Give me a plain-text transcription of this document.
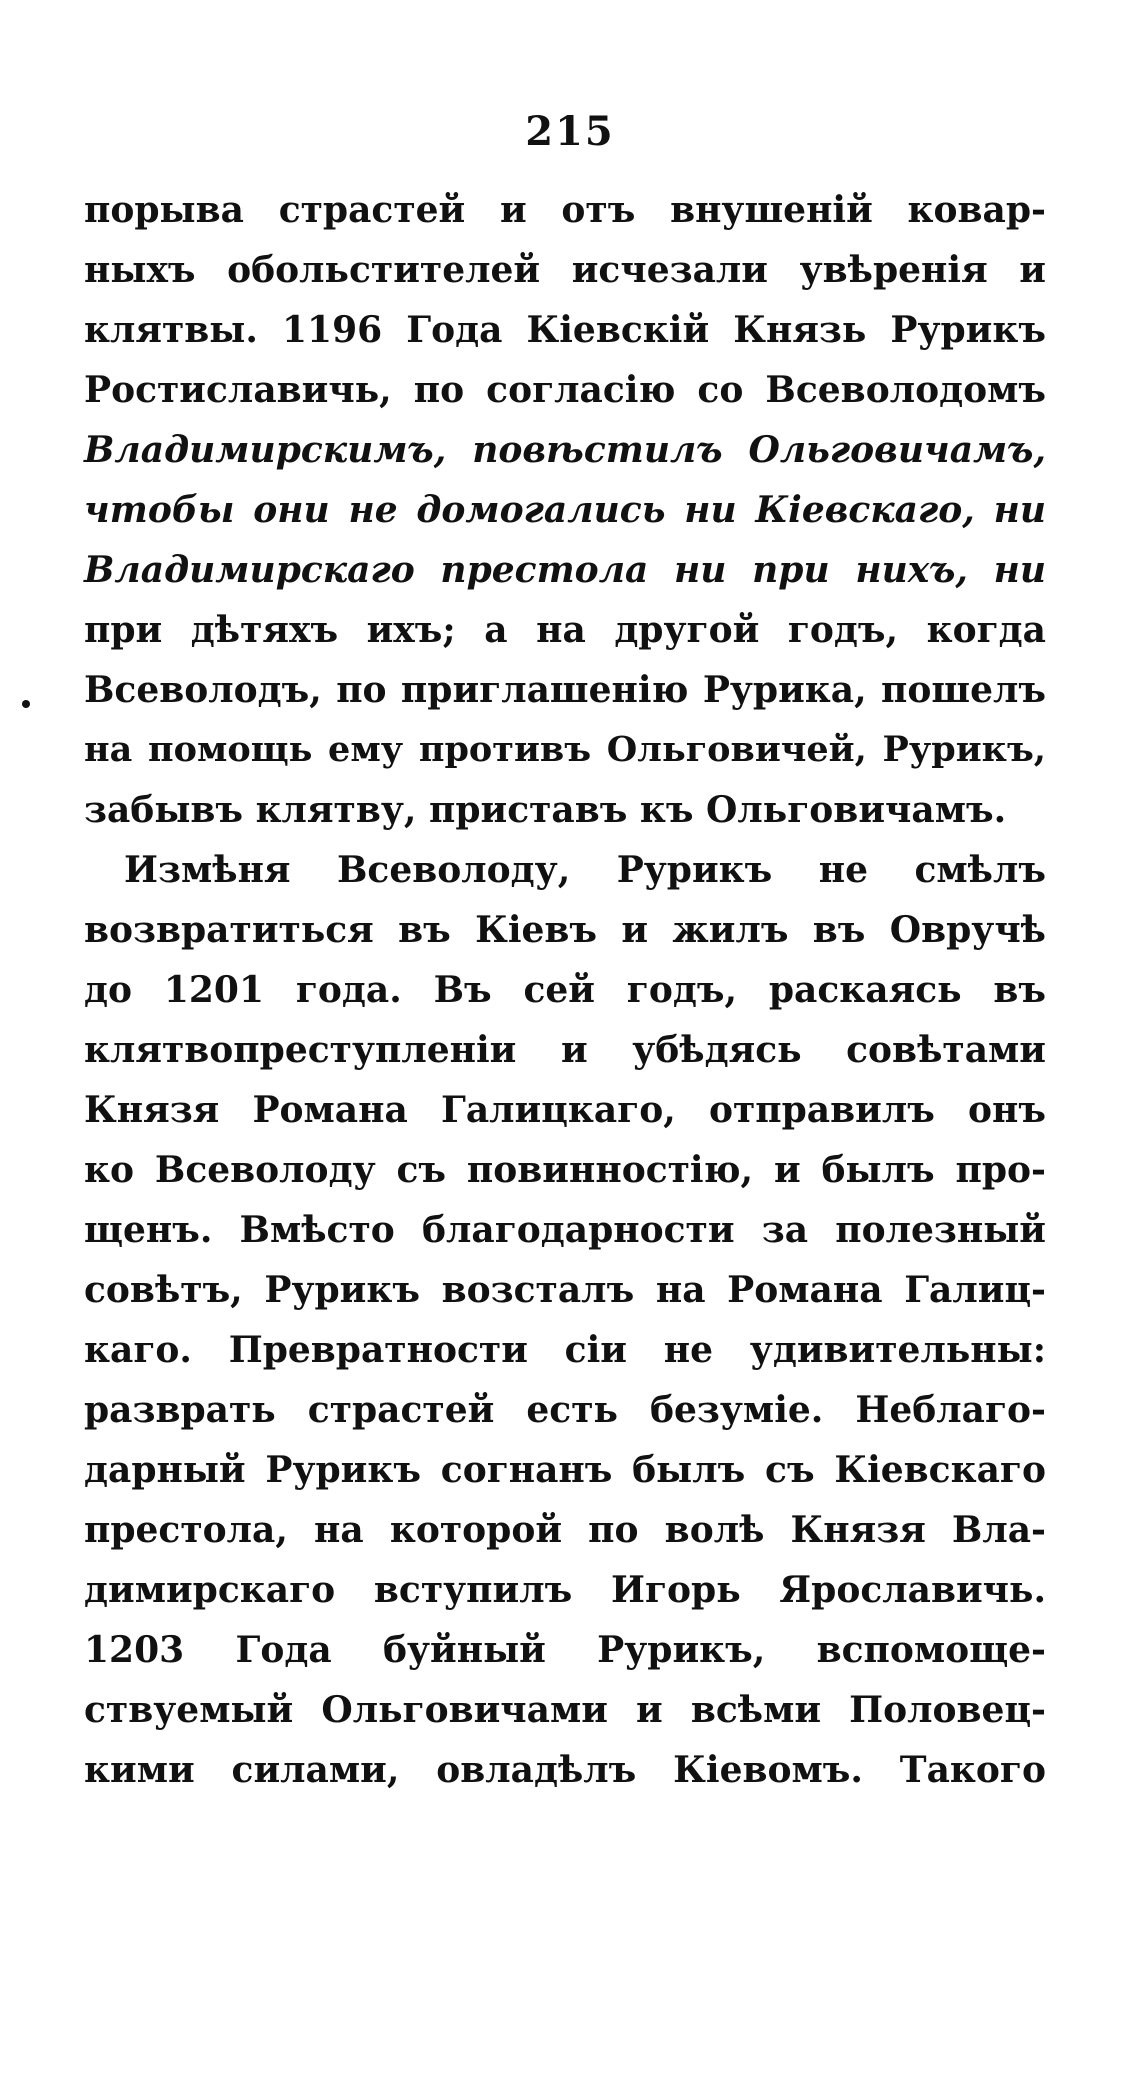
215
порыва страстей и отъ внушеній ковар-
ныхъ обольстителей исчезали увѣренія и
клятвы. 1196 Года Кіевскій Князь Рурикъ
Ростиславичь, по согласію со Всеволодомъ
Владимирскимъ, повѣстилъ Ольговичамъ,
чтобы они не домогались ни Кіевскаго, ни
Владимирскаго престола ни при нихъ, ни
при дѣтяхъ ихъ; а на другой годъ, когда
Всеволодъ, по приглашенію Рурика, пошелъ
на помощь ему противъ Ольговичей, Рурикъ,
забывъ клятву, приставъ къ Ольговичамъ.
Измѣня Всеволоду, Рурикъ не смѣлъ
возвратиться въ Кіевъ и жилъ въ Овручѣ
до 1201 года. Въ сей годъ, раскаясь въ
клятвопреступленіи и убѣдясь совѣтами
Князя Романа Галицкаго, отправилъ онъ
ко Всеволоду съ повинностію, и былъ про-
щенъ. Вмѣсто благодарности за полезный
совѣтъ, Рурикъ возсталъ на Романа Галиц-
каго. Превратности сіи не удивительны:
разврать страстей есть безуміе. Неблаго-
дарный Рурикъ согнанъ былъ съ Кіевскаго
престола, на которой по волѣ Князя Вла-
димирскаго вступилъ Игорь Ярославичь.
1203 Года буйный Рурикъ, вспомоще-
ствуемый Ольговичами и всѣми Половец-
кими силами, овладѣлъ Кіевомъ. Такого
